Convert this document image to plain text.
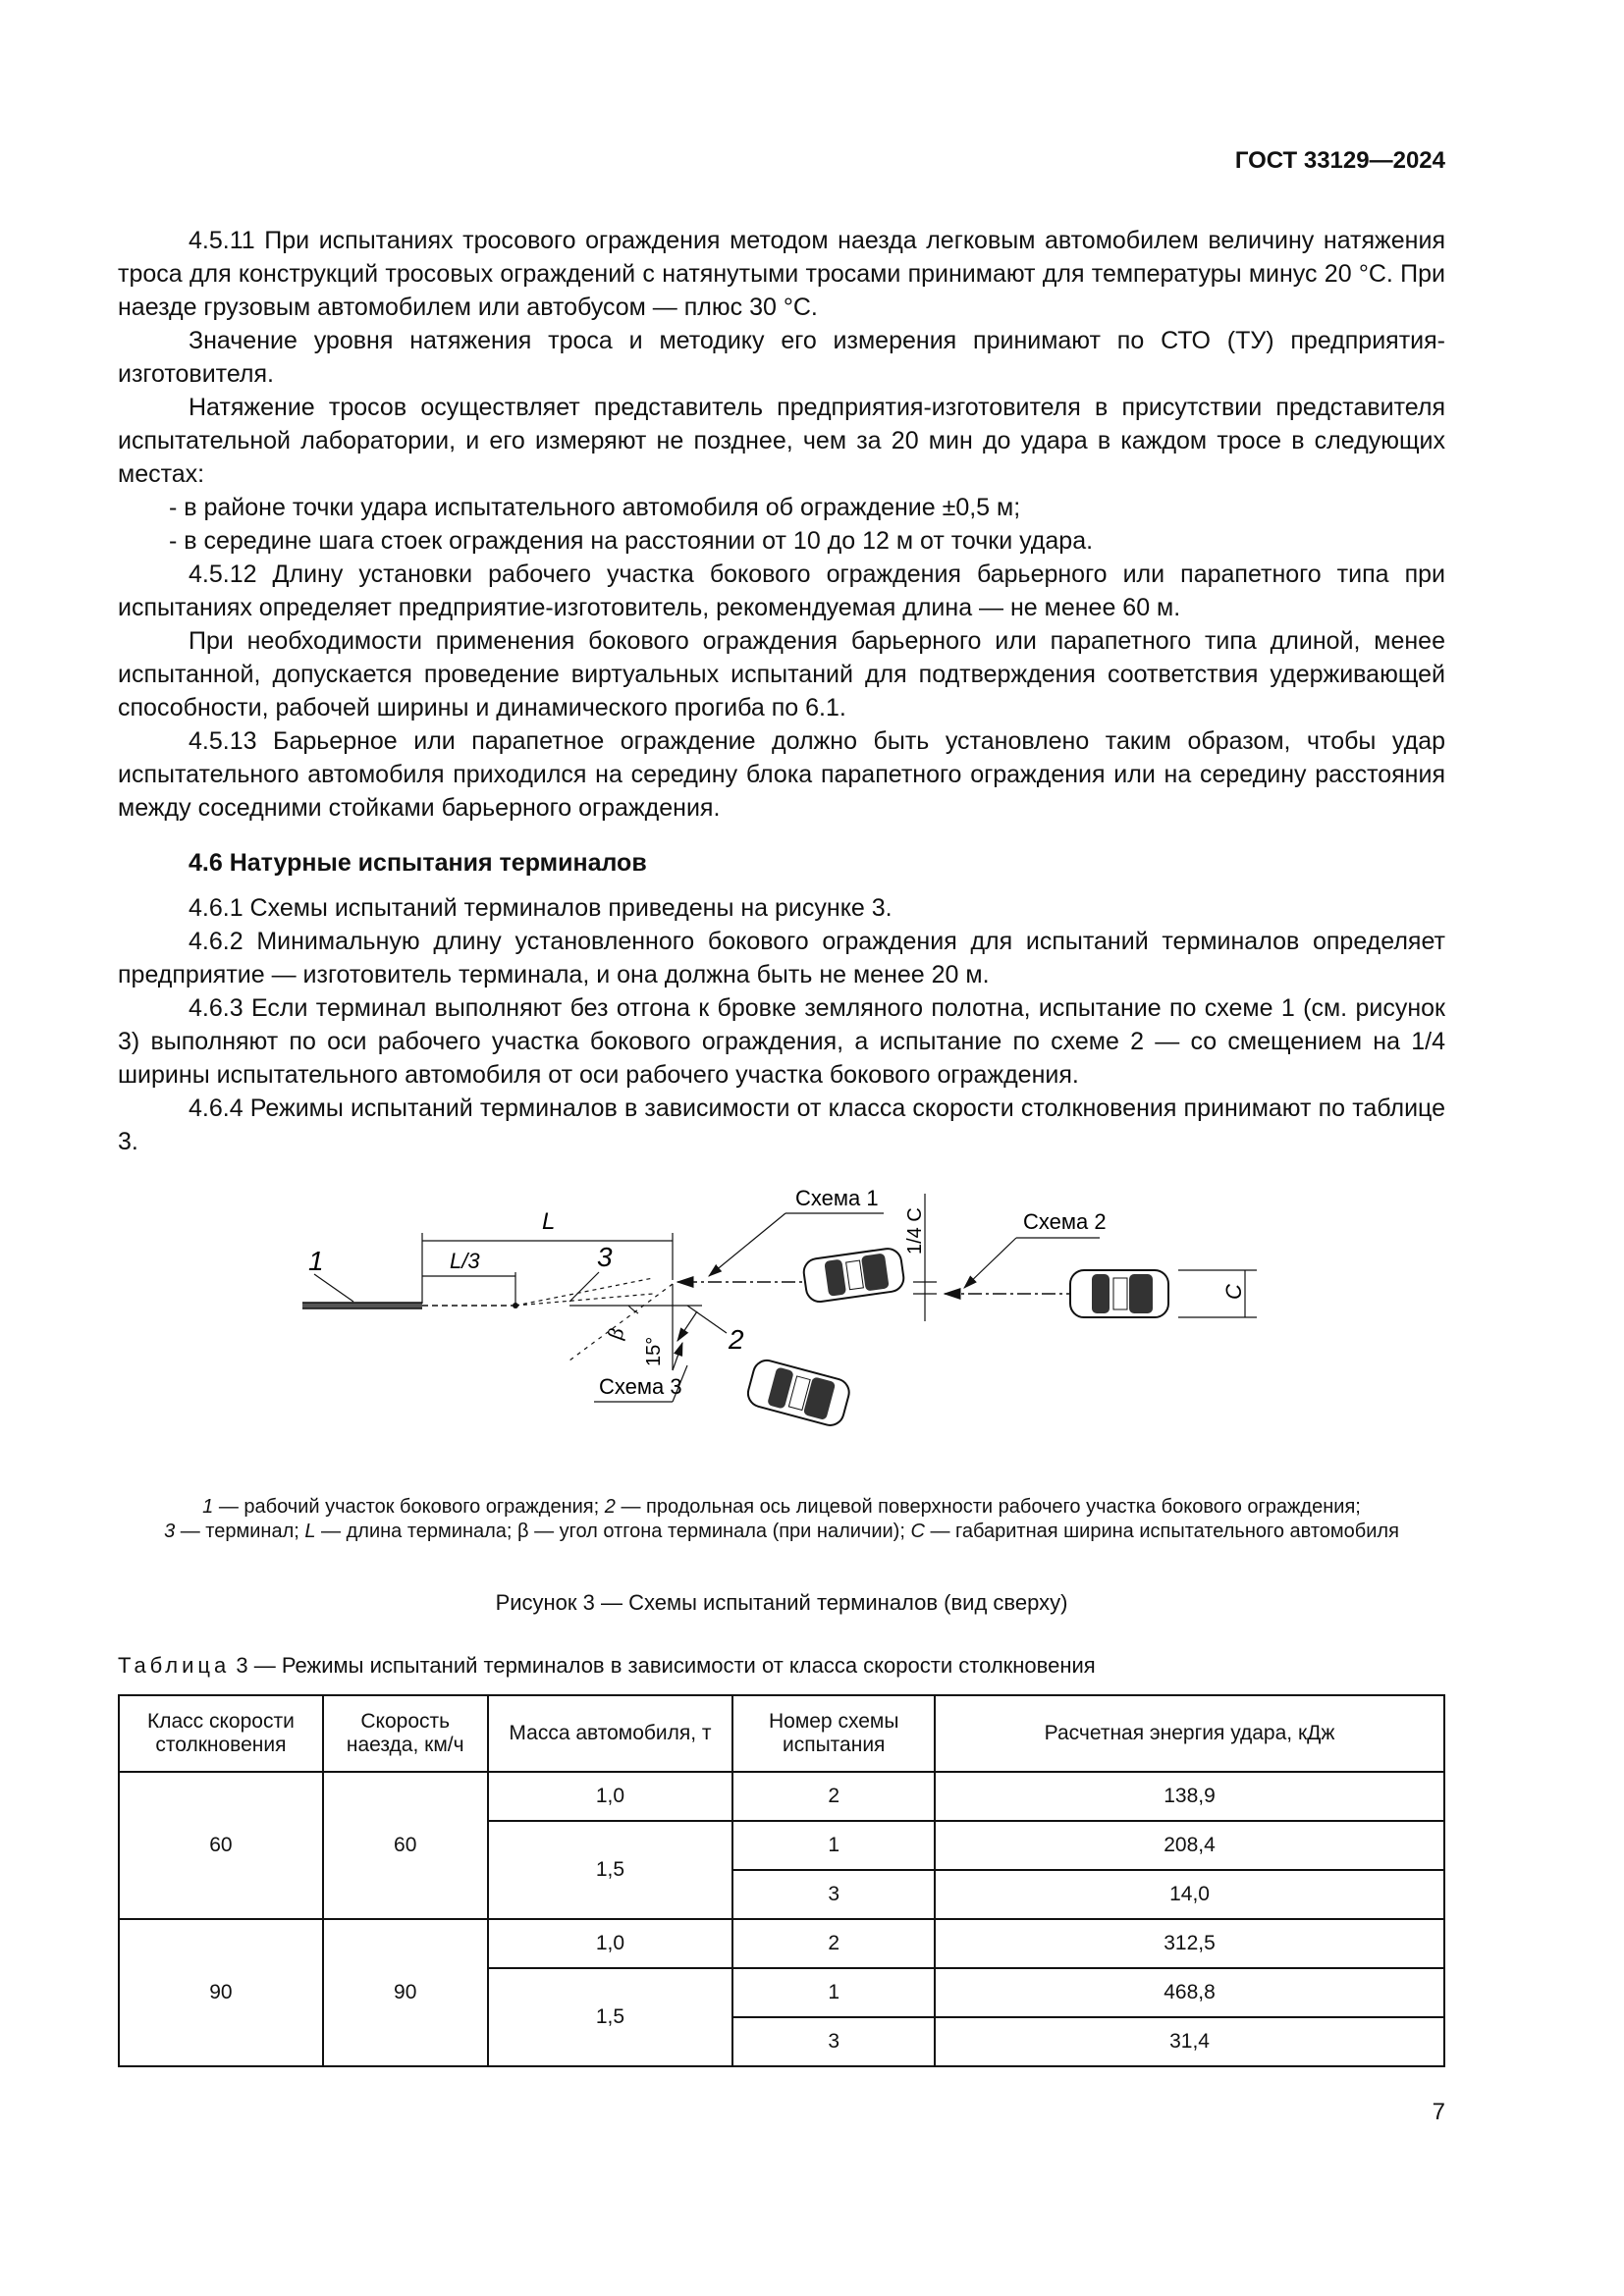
ГОСТ 33129—2024

4.5.11 При испытаниях тросового ограждения методом наезда легковым автомобилем величину натяжения троса для конструкций тросовых ограждений с натянутыми тросами принимают для температуры минус 20 °С. При наезде грузовым автомобилем или автобусом — плюс 30 °С.

Значение уровня натяжения троса и методику его измерения принимают по СТО (ТУ) предприятия-изготовителя.

Натяжение тросов осуществляет представитель предприятия-изготовителя в присутствии представителя испытательной лаборатории, и его измеряют не позднее, чем за 20 мин до удара в каждом тросе в следующих местах:

- в районе точки удара испытательного автомобиля об ограждение ±0,5 м;

- в середине шага стоек ограждения на расстоянии от 10 до 12 м от точки удара.

4.5.12 Длину установки рабочего участка бокового ограждения барьерного или парапетного типа при испытаниях определяет предприятие-изготовитель, рекомендуемая длина — не менее 60 м.

При необходимости применения бокового ограждения барьерного или парапетного типа длиной, менее испытанной, допускается проведение виртуальных испытаний для подтверждения соответствия удерживающей способности, рабочей ширины и динамического прогиба по 6.1.

4.5.13 Барьерное или парапетное ограждение должно быть установлено таким образом, чтобы удар испытательного автомобиля приходился на середину блока парапетного ограждения или на середину расстояния между соседними стойками барьерного ограждения.

4.6 Натурные испытания терминалов

4.6.1 Схемы испытаний терминалов приведены на рисунке 3.

4.6.2 Минимальную длину установленного бокового ограждения для испытаний терминалов определяет предприятие — изготовитель терминала, и она должна быть не менее 20 м.

4.6.3 Если терминал выполняют без отгона к бровке земляного полотна, испытание по схеме 1 (см. рисунок 3) выполняют по оси рабочего участка бокового ограждения, а испытание по схеме 2 — со смещением на 1/4 ширины испытательного автомобиля от оси рабочего участка бокового ограждения.

4.6.4 Режимы испытаний терминалов в зависимости от класса скорости столкновения принимают по таблице 3.

L
L/3
1	3
2
β
15°
Схема 1
1/4 C	Схема 2
C
Схема 3
1 — рабочий участок бокового ограждения; 2 — продольная ось лицевой поверхности рабочего участка бокового ограждения;
3 — терминал; L — длина терминала; β — угол отгона терминала (при наличии); C — габаритная ширина испытательного автомобиля
Рисунок 3 — Схемы испытаний терминалов (вид сверху)
Таблица 3 — Режимы испытаний терминалов в зависимости от класса скорости столкновения
Класс скорости столкновения	Скорость наезда, км/ч	Масса автомобиля, т	Номер схемы испытания	Расчетная энергия удара, кДж
60	60	1,0	2	138,9
		1,5	1	208,4
			3	14,0
90	90	1,0	2	312,5
		1,5	1	468,8
			3	31,4
7
